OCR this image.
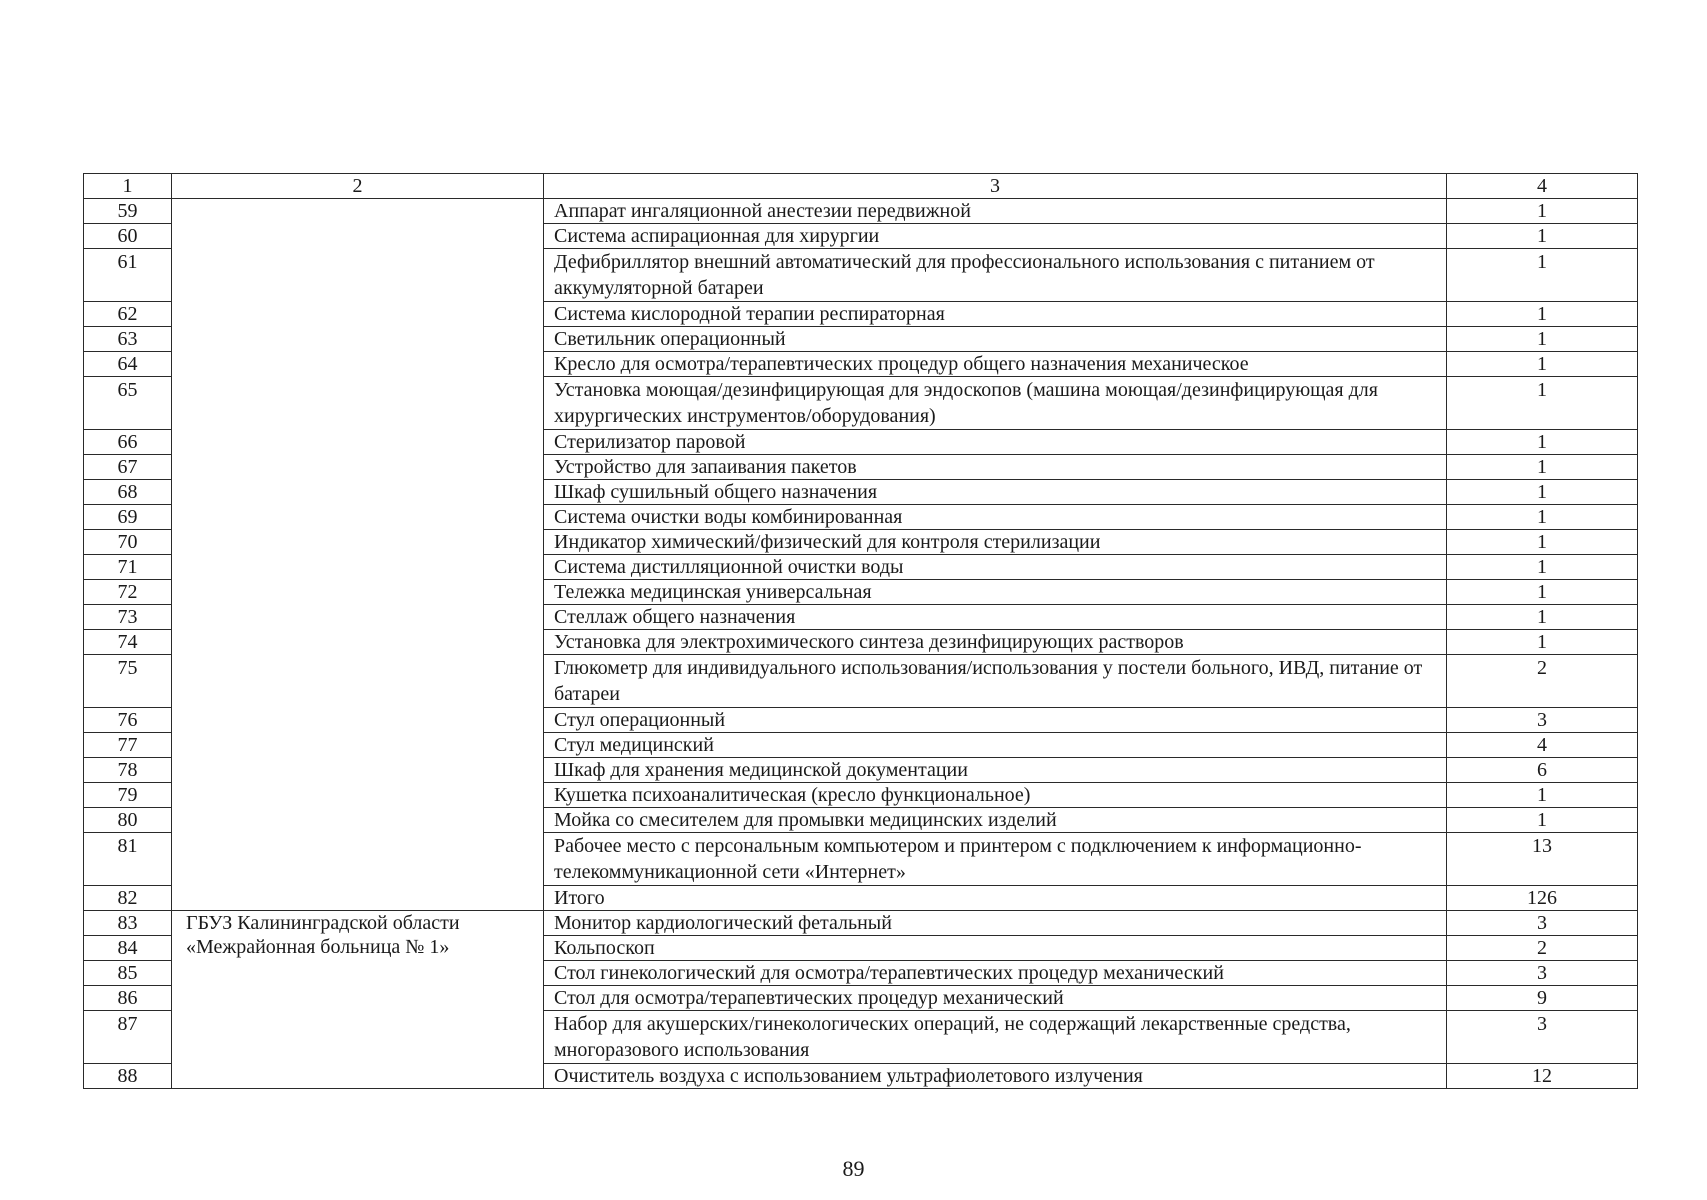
1	2	3	4
59		Аппарат ингаляционной анестезии передвижной	1
60		Система аспирационная для хирургии	1
61		Дефибриллятор внешний автоматический для профессионального использования с питанием от аккумуляторной батареи	1
62		Система кислородной терапии респираторная	1
63		Светильник операционный	1
64		Кресло для осмотра/терапевтических процедур общего назначения механическое	1
65		Установка моющая/дезинфицирующая для эндоскопов (машина моющая/дезинфицирующая для хирургических инструментов/оборудования)	1
66		Стерилизатор паровой	1
67		Устройство для запаивания пакетов	1
68		Шкаф сушильный общего назначения	1
69		Система очистки воды комбинированная	1
70		Индикатор химический/физический для контроля стерилизации	1
71		Система дистилляционной очистки воды	1
72		Тележка медицинская универсальная	1
73		Стеллаж общего назначения	1
74		Установка для электрохимического синтеза дезинфицирующих растворов	1
75		Глюкометр для индивидуального использования/использования у постели больного, ИВД, питание от батареи	2
76		Стул операционный	3
77		Стул медицинский	4
78		Шкаф для хранения медицинской документации	6
79		Кушетка психоаналитическая (кресло функциональное)	1
80		Мойка со смесителем для промывки медицинских изделий	1
81		Рабочее место с персональным компьютером и принтером с подключением к информационно-телекоммуникационной сети «Интернет»	13
82		Итого	126
83	ГБУЗ Калининградской области «Межрайонная больница № 1»	Монитор кардиологический фетальный	3
84		Кольпоскоп	2
85		Стол гинекологический для осмотра/терапевтических процедур механический	3
86		Стол для осмотра/терапевтических процедур механический	9
87		Набор для акушерских/гинекологических операций, не содержащий лекарственные средства, многоразового использования	3
88		Очиститель воздуха с использованием ультрафиолетового излучения	12
89
